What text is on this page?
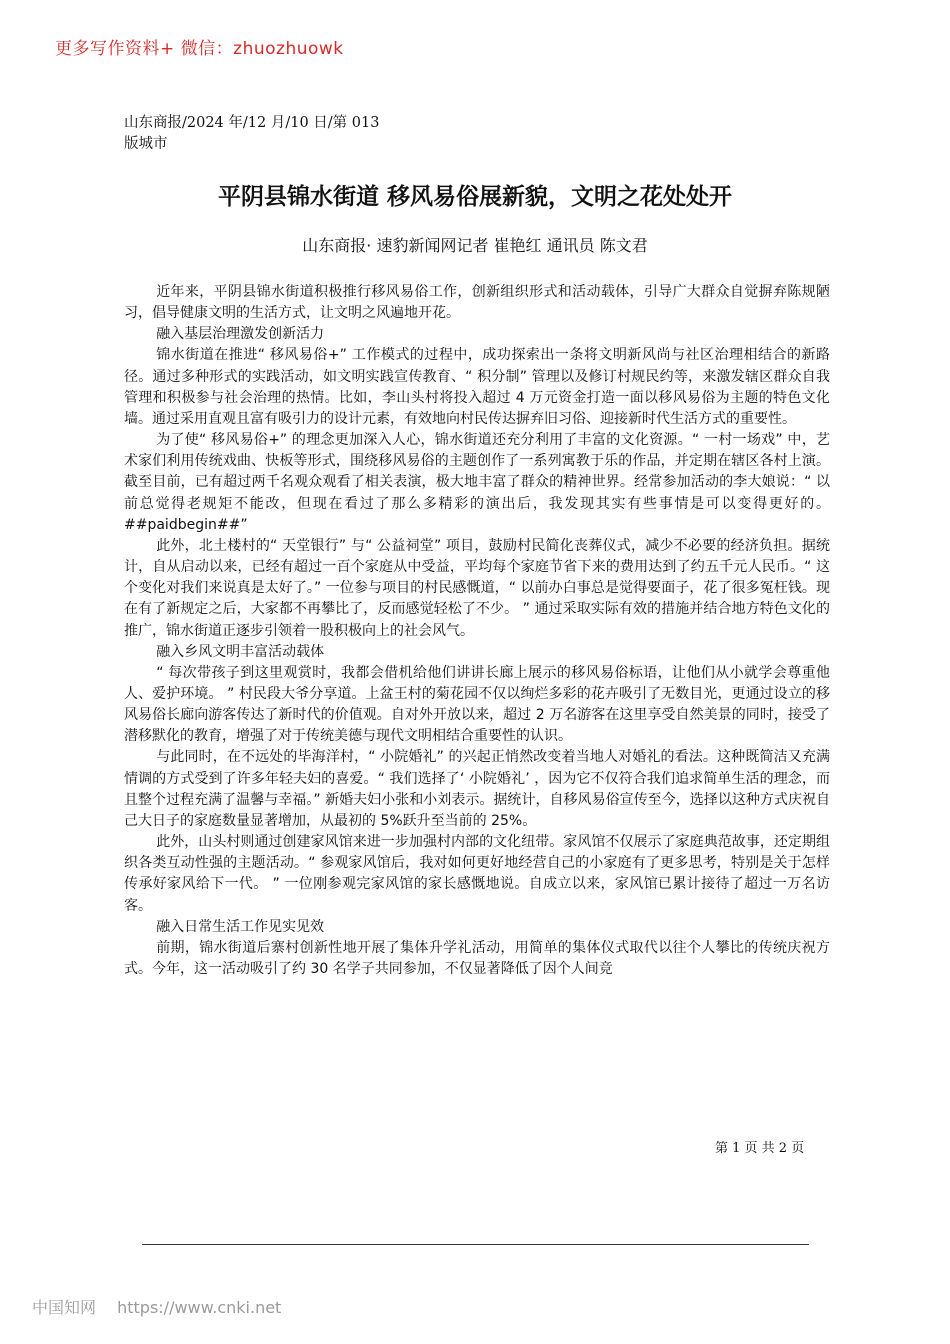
更多写作资料+ 微信：zhuozhuowk
山东商报/2024 年/12 月/10 日/第 013
版城市
平阴县锦水街道 移风易俗展新貌，文明之花处处开
山东商报· 速豹新闻网记者 崔艳红 通讯员 陈文君

近年来，平阴县锦水街道积极推行移风易俗工作，创新组织形式和活动载体，引导广大群众自觉摒弃陈规陋习，倡导健康文明的生活方式，让文明之风遍地开花。

融入基层治理激发创新活力

锦水街道在推进“ 移风易俗+” 工作模式的过程中，成功探索出一条将文明新风尚与社区治理相结合的新路径。通过多种形式的实践活动，如文明实践宣传教育、“ 积分制” 管理以及修订村规民约等，来激发辖区群众自我管理和积极参与社会治理的热情。比如，李山头村将投入超过 4 万元资金打造一面以移风易俗为主题的特色文化墙。通过采用直观且富有吸引力的设计元素，有效地向村民传达摒弃旧习俗、迎接新时代生活方式的重要性。

为了使“ 移风易俗+” 的理念更加深入人心，锦水街道还充分利用了丰富的文化资源。“ 一村一场戏” 中，艺术家们利用传统戏曲、快板等形式，围绕移风易俗的主题创作了一系列寓教于乐的作品，并定期在辖区各村上演。截至目前，已有超过两千名观众观看了相关表演，极大地丰富了群众的精神世界。经常参加活动的李大娘说：“ 以前总觉得老规矩不能改，但现在看过了那么多精彩的演出后，我发现其实有些事情是可以变得更好的。##paidbegin##”

此外，北土楼村的“ 天堂银行” 与“ 公益祠堂” 项目，鼓励村民简化丧葬仪式，减少不必要的经济负担。据统计，自从启动以来，已经有超过一百个家庭从中受益，平均每个家庭节省下来的费用达到了约五千元人民币。“ 这个变化对我们来说真是太好了。” 一位参与项目的村民感慨道，“ 以前办白事总是觉得要面子，花了很多冤枉钱。现在有了新规定之后，大家都不再攀比了，反而感觉轻松了不少。 ” 通过采取实际有效的措施并结合地方特色文化的推广，锦水街道正逐步引领着一股积极向上的社会风气。

融入乡风文明丰富活动载体

“ 每次带孩子到这里观赏时，我都会借机给他们讲讲长廊上展示的移风易俗标语，让他们从小就学会尊重他人、爱护环境。 ” 村民段大爷分享道。上盆王村的菊花园不仅以绚烂多彩的花卉吸引了无数目光，更通过设立的移风易俗长廊向游客传达了新时代的价值观。自对外开放以来，超过 2 万名游客在这里享受自然美景的同时，接受了潜移默化的教育，增强了对于传统美德与现代文明相结合重要性的认识。

与此同时，在不远处的毕海洋村，“ 小院婚礼” 的兴起正悄然改变着当地人对婚礼的看法。这种既简洁又充满情调的方式受到了许多年轻夫妇的喜爱。“ 我们选择了‘ 小院婚礼’ ，因为它不仅符合我们追求简单生活的理念，而且整个过程充满了温馨与幸福。” 新婚夫妇小张和小刘表示。据统计，自移风易俗宣传至今，选择以这种方式庆祝自己大日子的家庭数量显著增加，从最初的 5%跃升至当前的 25%。

此外，山头村则通过创建家风馆来进一步加强村内部的文化纽带。家风馆不仅展示了家庭典范故事，还定期组织各类互动性强的主题活动。“ 参观家风馆后，我对如何更好地经营自己的小家庭有了更多思考，特别是关于怎样传承好家风给下一代。 ” 一位刚参观完家风馆的家长感慨地说。自成立以来，家风馆已累计接待了超过一万名访客。

融入日常生活工作见实见效

前期，锦水街道后寨村创新性地开展了集体升学礼活动，用简单的集体仪式取代以往个人攀比的传统庆祝方式。今年，这一活动吸引了约 30 名学子共同参加，不仅显著降低了因个人间竞

第 1 页 共 2 页
中国知网 https://www.cnki.net
